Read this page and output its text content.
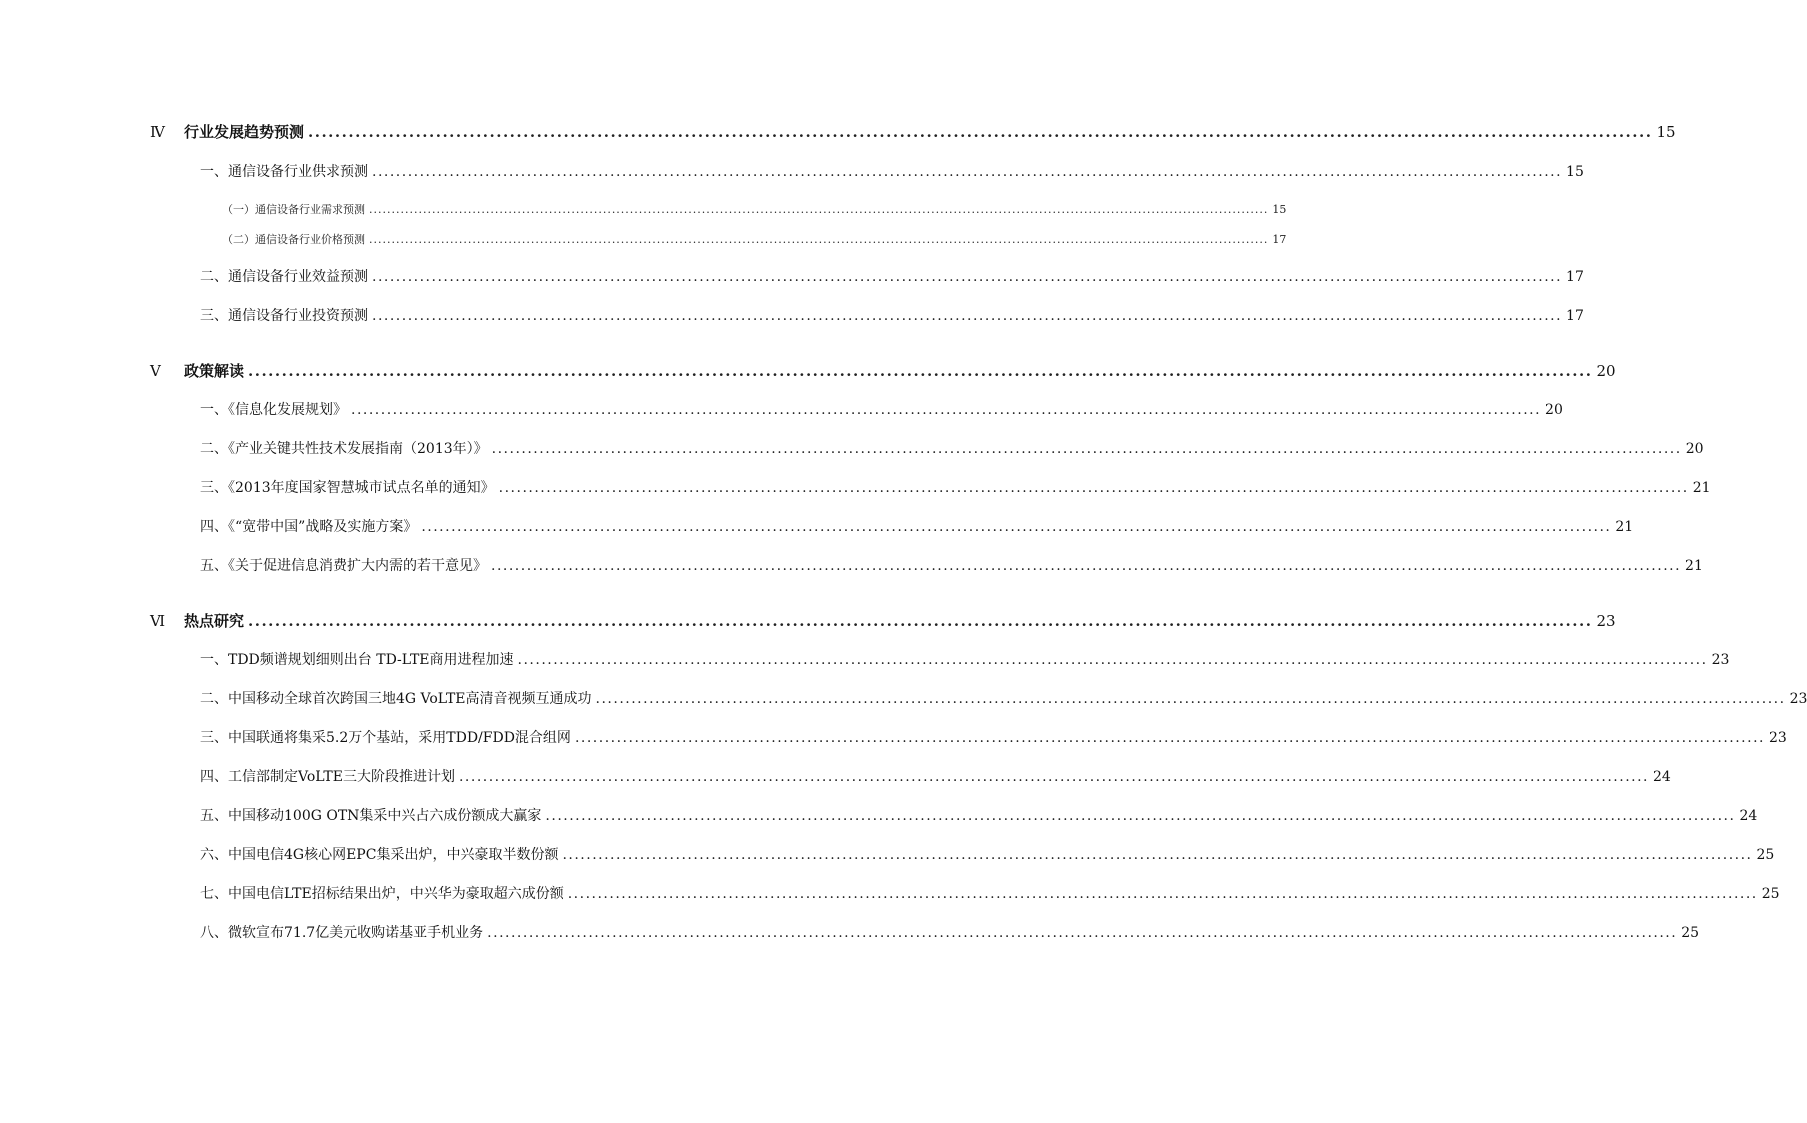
Ⅳ	行业发展趋势预测 ........................................................................................................................................................................................................ 15
一、通信设备行业供求预测 ........................................................................................................................................................................................................ 15
（一）通信设备行业需求预测 ........................................................................................................................................................................................................ 15
（二）通信设备行业价格预测 ........................................................................................................................................................................................................ 17
二、通信设备行业效益预测 ........................................................................................................................................................................................................ 17
三、通信设备行业投资预测 ........................................................................................................................................................................................................ 17
Ⅴ	政策解读 ........................................................................................................................................................................................................ 20
一、《信息化发展规划》 ........................................................................................................................................................................................................ 20
二、《产业关键共性技术发展指南（2013年）》 ........................................................................................................................................................................................................ 20
三、《2013年度国家智慧城市试点名单的通知》 ........................................................................................................................................................................................................ 21
四、《“宽带中国”战略及实施方案》 ........................................................................................................................................................................................................ 21
五、《关于促进信息消费扩大内需的若干意见》 ........................................................................................................................................................................................................ 21
Ⅵ	热点研究 ........................................................................................................................................................................................................ 23
一、TDD频谱规划细则出台 TD-LTE商用进程加速 ........................................................................................................................................................................................................ 23
二、中国移动全球首次跨国三地4G VoLTE高清音视频互通成功 ........................................................................................................................................................................................................ 23
三、中国联通将集采5.2万个基站，采用TDD/FDD混合组网 ........................................................................................................................................................................................................ 23
四、工信部制定VoLTE三大阶段推进计划 ........................................................................................................................................................................................................ 24
五、中国移动100G OTN集采中兴占六成份额成大赢家 ........................................................................................................................................................................................................ 24
六、中国电信4G核心网EPC集采出炉，中兴豪取半数份额 ........................................................................................................................................................................................................ 25
七、中国电信LTE招标结果出炉，中兴华为豪取超六成份额 ........................................................................................................................................................................................................ 25
八、微软宣布71.7亿美元收购诺基亚手机业务 ........................................................................................................................................................................................................ 25
